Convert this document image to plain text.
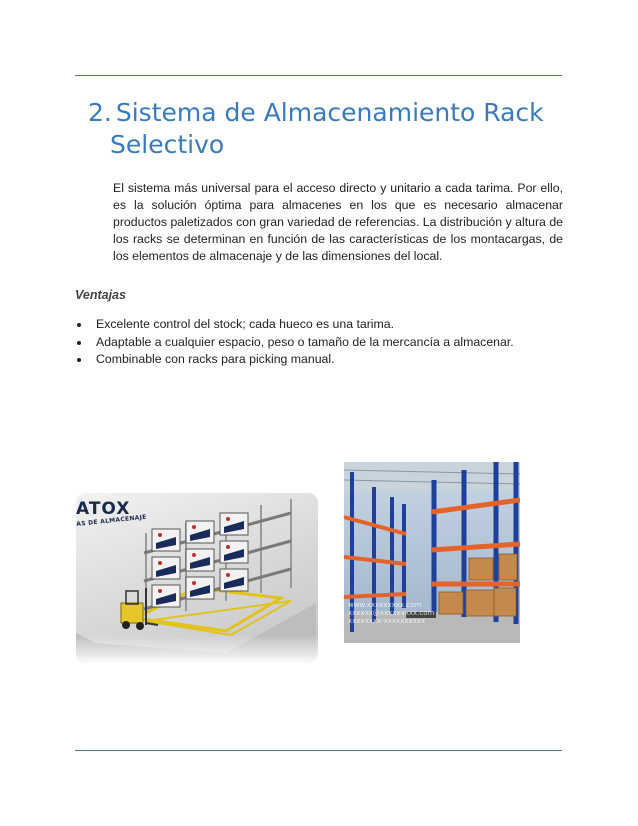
2. Sistema de Almacenamiento Rack
Selectivo

El sistema más universal para el acceso directo y unitario a cada tarima. Por ello, es la solución óptima para almacenes en los que es necesario almacenar productos paletizados con gran variedad de referencias. La distribución y altura de los racks se determinan en función de las características de los montacargas, de los elementos de almacenaje y de las dimensiones del local.

Ventajas
Excelente control del stock; cada hueco es una tarima.
Adaptable a cualquier espacio, peso o tamaño de la mercancía a almacenar.
Combinable con racks para picking manual.
ATOX
AS DE ALMACENAJE
www.xxxxxxxxx.com
xxxxxx@xxxxxxxxx.com
xxxxxxxx-xxxxxxxxxx
